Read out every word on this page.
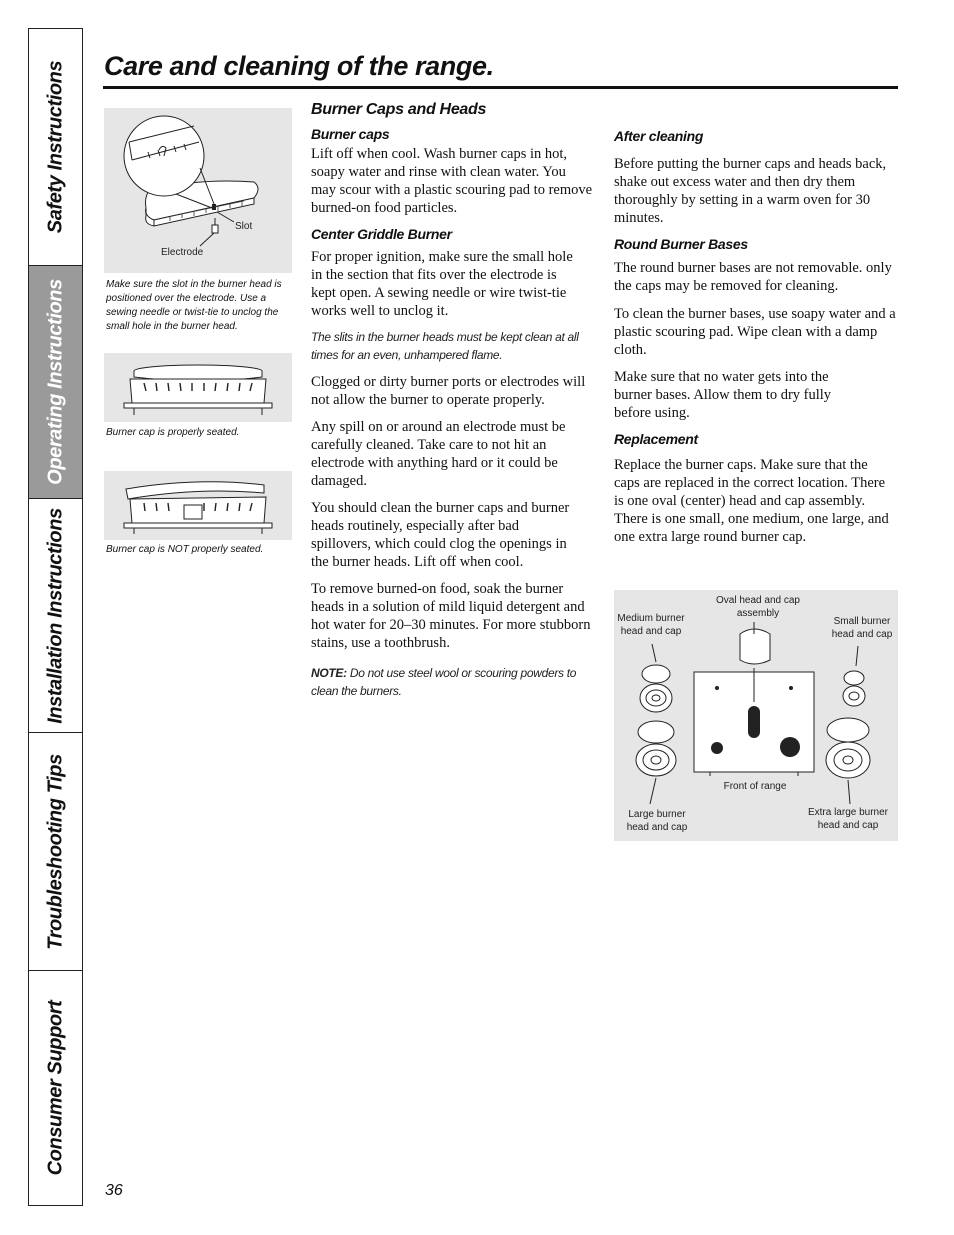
Safety Instructions
Operating Instructions
Installation Instructions
Troubleshooting Tips
Consumer Support
Care and cleaning of the range.
Slot
Electrode
Make sure the slot in the burner head is positioned over the electrode. Use a sewing needle or twist-tie to unclog the small hole in the burner head.
Burner cap is properly seated.
Burner cap is NOT properly seated.
Burner Caps and Heads
Burner caps

Lift off when cool. Wash burner caps in hot, soapy water and rinse with clean water. You may scour with a plastic scouring pad to remove burned-on food particles.

Center Griddle Burner

For proper ignition, make sure the small hole in the section that fits over the electrode is kept open. A sewing needle or wire twist-tie works well to unclog it.

The slits in the burner heads must be kept clean at all times for an even, unhampered flame.

Clogged or dirty burner ports or electrodes will not allow the burner to operate properly.

Any spill on or around an electrode must be carefully cleaned. Take care to not hit an electrode with anything hard or it could be damaged.

You should clean the burner caps and burner heads routinely, especially after bad spillovers, which could clog the openings in the burner heads. Lift off when cool.

To remove burned-on food, soak the burner heads in a solution of mild liquid detergent and hot water for 20–30 minutes. For more stubborn stains, use a toothbrush.

NOTE: Do not use steel wool or scouring powders to clean the burners.

After cleaning

Before putting the burner caps and heads back, shake out excess water and then dry them thoroughly by setting in a warm oven for 30 minutes.

Round Burner Bases

The round burner bases are not removable. only the caps may be removed for cleaning.

To clean the burner bases, use soapy water and a plastic scouring pad. Wipe clean with a damp cloth.

Make sure that no water gets into the burner bases. Allow them to dry fully before using.

Replacement

Replace the burner caps. Make sure that the caps are replaced in the correct location. There is one oval (center) head and cap assembly. There is one small, one medium, one large, and one extra large round burner cap.

Medium burner head and cap
Oval head and cap assembly
Small burner head and cap
Front of range
Large burner head and cap
Extra large burner head and cap
36
